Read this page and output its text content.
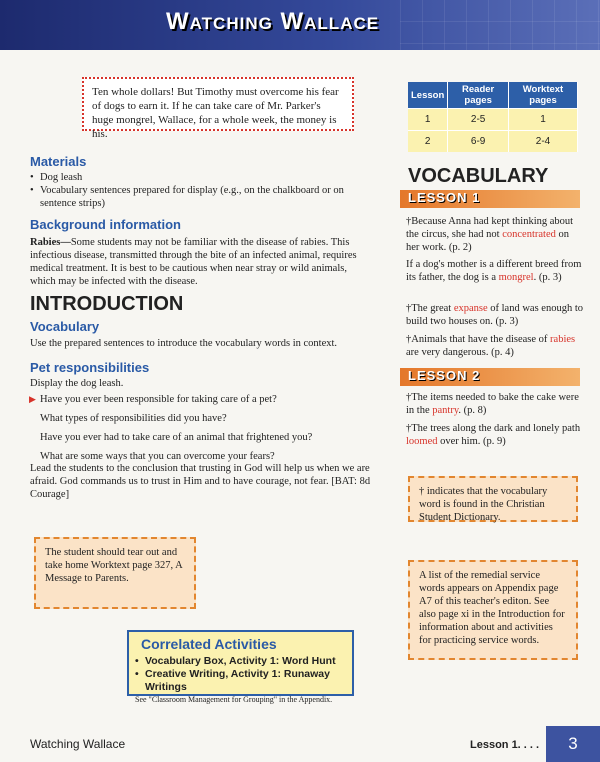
Watching Wallace
Ten whole dollars! But Timothy must overcome his fear of dogs to earn it. If he can take care of Mr. Parker's huge mongrel, Wallace, for a whole week, the money is his.
Materials
• Dog leash
• Vocabulary sentences prepared for display (e.g., on the chalkboard or on sentence strips)
Background information
Rabies—Some students may not be familiar with the disease of rabies. This infectious disease, transmitted through the bite of an infected animal, requires medical treatment. It is best to be cautious when near stray or wild animals, which may be infected with the disease.
INTRODUCTION
Vocabulary
Use the prepared sentences to introduce the vocabulary words in context.
Pet responsibilities
Display the dog leash.

▶ Have you ever been responsible for taking care of a pet?

What types of responsibilities did you have?

Have you ever had to take care of an animal that frightened you?

What are some ways that you can overcome your fears?

Lead the students to the conclusion that trusting in God will help us when we are afraid. God commands us to trust in Him and to have courage, not fear. [BAT: 8d Courage]
The student should tear out and take home Worktext page 327, A Message to Parents.
Lesson	Reader pages	Worktext pages
1	2-5	1
2	6-9	2-4
VOCABULARY
LESSON 1

†Because Anna had kept thinking about the circus, she had not concentrated on her work. (p. 2)

If a dog's mother is a different breed from its father, the dog is a mongrel. (p. 3)

†The great expanse of land was enough to build two houses on. (p. 3)

†Animals that have the disease of rabies are very dangerous. (p. 4)

LESSON 2

†The items needed to bake the cake were in the pantry. (p. 8)

†The trees along the dark and lonely path loomed over him. (p. 9)

† indicates that the vocabulary word is found in the Christian Student Dictionary.
A list of the remedial service words appears on Appendix page A7 of this teacher's editon. See also page xi in the Introduction for information about and activities for practicing service words.
Correlated Activities
• Vocabulary Box, Activity 1: Word Hunt
• Creative Writing, Activity 1: Runaway Writings

See "Classroom Management for Grouping" in the Appendix.

Watching Wallace	Lesson 1. . . .	3
